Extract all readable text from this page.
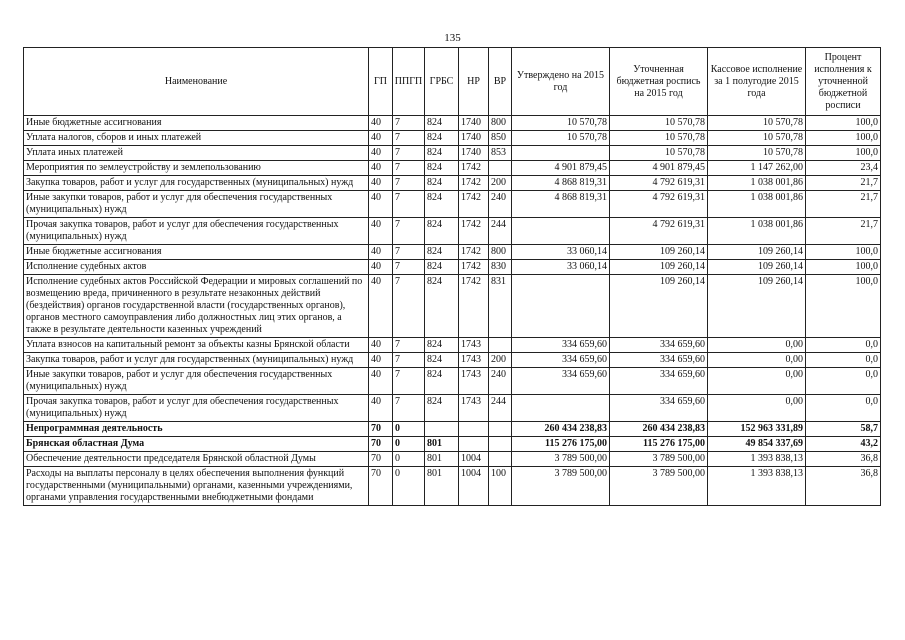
135
Наименование	ГП	ППГП	ГРБС	НР	ВР	Утверждено на 2015 год	Уточненная бюджетная роспись на 2015 год	Кассовое исполнение за 1 полугодие 2015 года	Процент исполнения к уточненной бюджетной росписи
Иные бюджетные ассигнования	40	7	824	1740	800	10 570,78	10 570,78	10 570,78	100,0
Уплата налогов, сборов и иных платежей	40	7	824	1740	850	10 570,78	10 570,78	10 570,78	100,0
Уплата иных платежей	40	7	824	1740	853		10 570,78	10 570,78	100,0
Мероприятия по землеустройству и землепользованию	40	7	824	1742		4 901 879,45	4 901 879,45	1 147 262,00	23,4
Закупка товаров, работ и услуг для государственных (муниципальных) нужд	40	7	824	1742	200	4 868 819,31	4 792 619,31	1 038 001,86	21,7
Иные закупки товаров, работ и услуг для обеспечения государственных (муниципальных) нужд	40	7	824	1742	240	4 868 819,31	4 792 619,31	1 038 001,86	21,7
Прочая закупка товаров, работ и услуг для обеспечения государственных (муниципальных) нужд	40	7	824	1742	244		4 792 619,31	1 038 001,86	21,7
Иные бюджетные ассигнования	40	7	824	1742	800	33 060,14	109 260,14	109 260,14	100,0
Исполнение судебных актов	40	7	824	1742	830	33 060,14	109 260,14	109 260,14	100,0
Исполнение судебных актов Российской Федерации и мировых соглашений по возмещению вреда, причиненного в результате незаконных действий (бездействия) органов государственной власти (государственных органов), органов местного самоуправления либо должностных лиц этих органов, а также в результате деятельности казенных учреждений	40	7	824	1742	831		109 260,14	109 260,14	100,0
Уплата взносов на капитальный ремонт за объекты казны Брянской области	40	7	824	1743		334 659,60	334 659,60	0,00	0,0
Закупка товаров, работ и услуг для государственных (муниципальных) нужд	40	7	824	1743	200	334 659,60	334 659,60	0,00	0,0
Иные закупки товаров, работ и услуг для обеспечения государственных (муниципальных) нужд	40	7	824	1743	240	334 659,60	334 659,60	0,00	0,0
Прочая закупка товаров, работ и услуг для обеспечения государственных (муниципальных) нужд	40	7	824	1743	244		334 659,60	0,00	0,0
Непрограммная деятельность	70	0				260 434 238,83	260 434 238,83	152 963 331,89	58,7
Брянская областная Дума	70	0	801			115 276 175,00	115 276 175,00	49 854 337,69	43,2
Обеспечение деятельности председателя Брянской областной Думы	70	0	801	1004		3 789 500,00	3 789 500,00	1 393 838,13	36,8
Расходы на выплаты персоналу в целях обеспечения выполнения функций государственными (муниципальными) органами, казенными учреждениями, органами управления государственными внебюджетными фондами	70	0	801	1004	100	3 789 500,00	3 789 500,00	1 393 838,13	36,8
